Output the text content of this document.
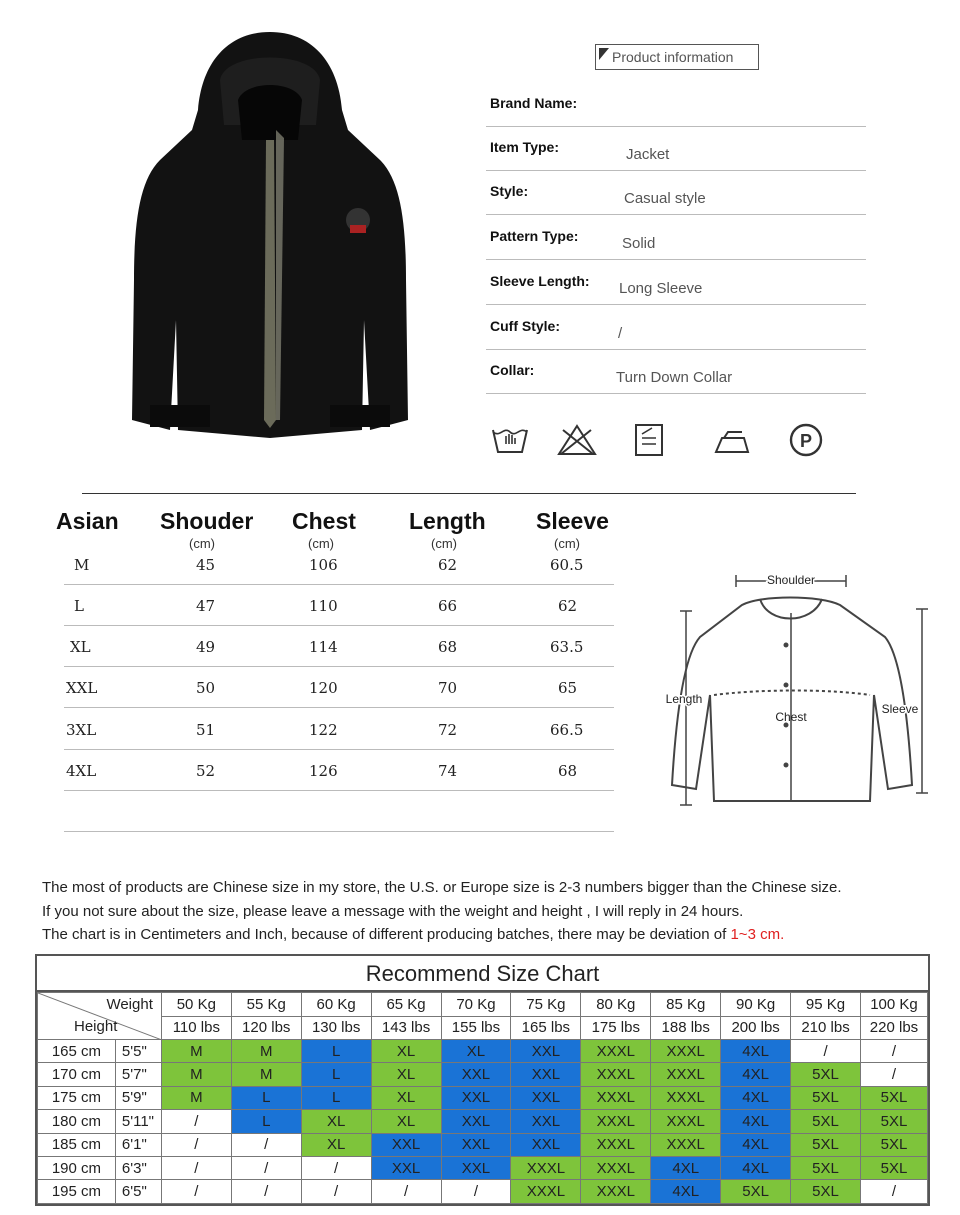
Product information
Brand Name:
Item Type:	Jacket
Style:	Casual style
Pattern Type:	Solid
Sleeve Length: Long Sleeve
Cuff Style:	/
Collar:	Turn Down Collar
P
Asian Shouder Chest Length Sleeve
(cm)	(cm)	(cm)	(cm)
M	45	106	62	60.5
L	47	110	66	62
XL	49	114	68	63.5
XXL	50	120	70	65
3XL	51	122	72	66.5
4XL	52	126	74	68
Shoulder
Length
Chest
Sleeve
The most of products are Chinese size in my store, the U.S. or Europe size is 2-3 numbers bigger than the Chinese size.
If you not sure about the size, please leave a message with the weight and height , I will reply in 24 hours.
The chart is in Centimeters and Inch, because of different producing batches, there may be deviation of 1~3 cm.
Recommend Size Chart
Weight
Height		50 Kg	55 Kg	60 Kg	65 Kg	70 Kg	75 Kg	80 Kg	85 Kg	90 Kg	95 Kg	100 Kg
		110 lbs	120 lbs	130 lbs	143 lbs	155 lbs	165 lbs	175 lbs	188 lbs	200 lbs	210 lbs	220 lbs
165 cm	5'5"	M	M	L	XL	XL	XXL	XXXL	XXXL	4XL	/	/
170 cm	5'7"	M	M	L	XL	XXL	XXL	XXXL	XXXL	4XL	5XL	/
175 cm	5'9"	M	L	L	XL	XXL	XXL	XXXL	XXXL	4XL	5XL	5XL
180 cm	5'11"	/	L	XL	XL	XXL	XXL	XXXL	XXXL	4XL	5XL	5XL
185 cm	6'1"	/	/	XL	XXL	XXL	XXL	XXXL	XXXL	4XL	5XL	5XL
190 cm	6'3"	/	/	/	XXL	XXL	XXXL	XXXL	4XL	4XL	5XL	5XL
195 cm	6'5"	/	/	/	/	/	XXXL	XXXL	4XL	5XL	5XL	/
